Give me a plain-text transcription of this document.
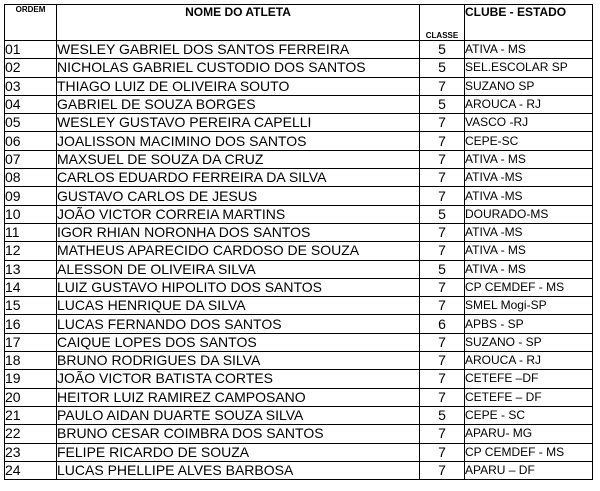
ORDEM	NOME DO ATLETA	CLASSE	CLUBE - ESTADO
01	WESLEY GABRIEL DOS SANTOS FERREIRA	5	ATIVA - MS
02	NICHOLAS GABRIEL CUSTODIO DOS SANTOS	5	SEL.ESCOLAR SP
03	THIAGO LUIZ DE OLIVEIRA SOUTO	7	SUZANO SP
04	GABRIEL DE SOUZA BORGES	5	AROUCA - RJ
05	WESLEY GUSTAVO PEREIRA CAPELLI	7	VASCO -RJ
06	JOALISSON MACIMINO DOS SANTOS	7	CEPE-SC
07	MAXSUEL DE SOUZA DA CRUZ	7	ATIVA - MS
08	CARLOS EDUARDO FERREIRA DA SILVA	7	ATIVA -MS
09	GUSTAVO CARLOS DE JESUS	7	ATIVA -MS
10	JOÃO VICTOR CORREIA MARTINS	5	DOURADO-MS
11	IGOR RHIAN NORONHA DOS SANTOS	7	ATIVA -MS
12	MATHEUS APARECIDO CARDOSO DE SOUZA	7	ATIVA - MS
13	ALESSON DE OLIVEIRA SILVA	5	ATIVA - MS
14	LUIZ GUSTAVO HIPOLITO DOS SANTOS	7	CP CEMDEF - MS
15	LUCAS HENRIQUE DA SILVA	7	SMEL Mogi-SP
16	LUCAS FERNANDO DOS SANTOS	6	APBS - SP
17	CAIQUE LOPES DOS SANTOS	7	SUZANO - SP
18	BRUNO RODRIGUES DA SILVA	7	AROUCA - RJ
19	JOÃO VICTOR BATISTA CORTES	7	CETEFE –DF
20	HEITOR LUIZ RAMIREZ CAMPOSANO	7	CETEFE – DF
21	PAULO AIDAN DUARTE SOUZA SILVA	5	CEPE - SC
22	BRUNO CESAR COIMBRA DOS SANTOS	7	APARU- MG
23	FELIPE RICARDO DE SOUZA	7	CP CEMDEF - MS
24	LUCAS PHELLIPE ALVES BARBOSA	7	APARU – DF
